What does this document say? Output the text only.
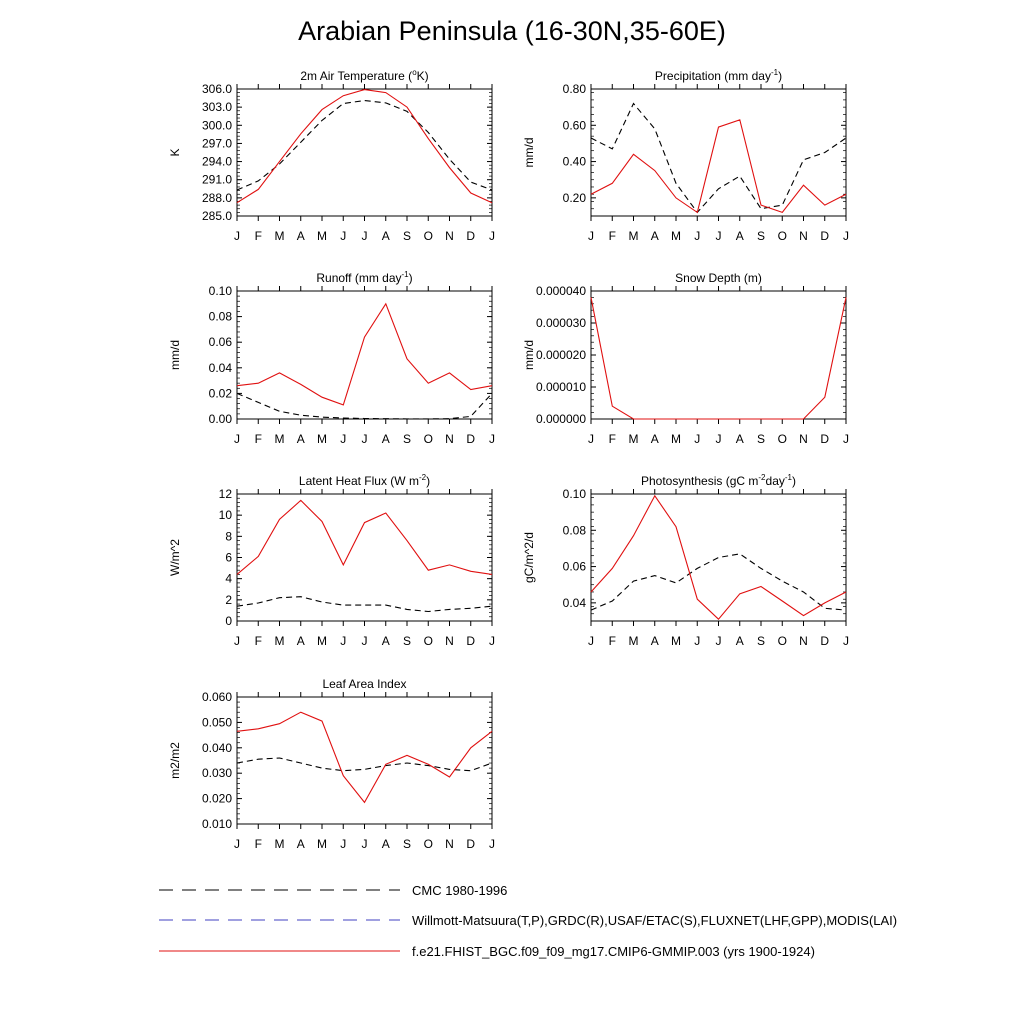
Arabian Peninsula (16-30N,35-60E)
2m Air Temperature ($^o$K)
K
285.0
288.0
291.0
294.0
297.0
300.0
303.0
306.0
J F M A M J J A S O N D J
Precipitation (mm day$^{-1}$)
mm/d
0.20
0.40
0.60
0.80
J F M A M J J A S O N D J
Runoff (mm day$^{-1}$)
mm/d
0.00
0.02
0.04
0.06
0.08
0.10
J F M A M J J A S O N D J
Snow Depth (m)
mm/d
0.000000
0.000010
0.000020
0.000030
0.000040
J F M A M J J A S O N D J
Latent Heat Flux (W $m^{-2}$)
W/m^2
0
2
4
6
8
10
12
J F M A M J J A S O N D J
Photosynthesis (gC $m^{-2}day^{-1}$)
gC/m^2/d
0.04
0.06
0.08
0.10
J F M A M J J A S O N D J
Leaf Area Index
m2/m2
0.010
0.020
0.030
0.040
0.050
0.060
J F M A M J J A S O N D J
CMC 1980-1996
Willmott-Matsuura(T,P),GRDC(R),USAF/ETAC(S),FLUXNET(LHF,GPP),MODIS(LAI)
f.e21.FHIST_BGC.f09_f09_mg17.CMIP6-GMMIP.003 (yrs 1900-1924)
